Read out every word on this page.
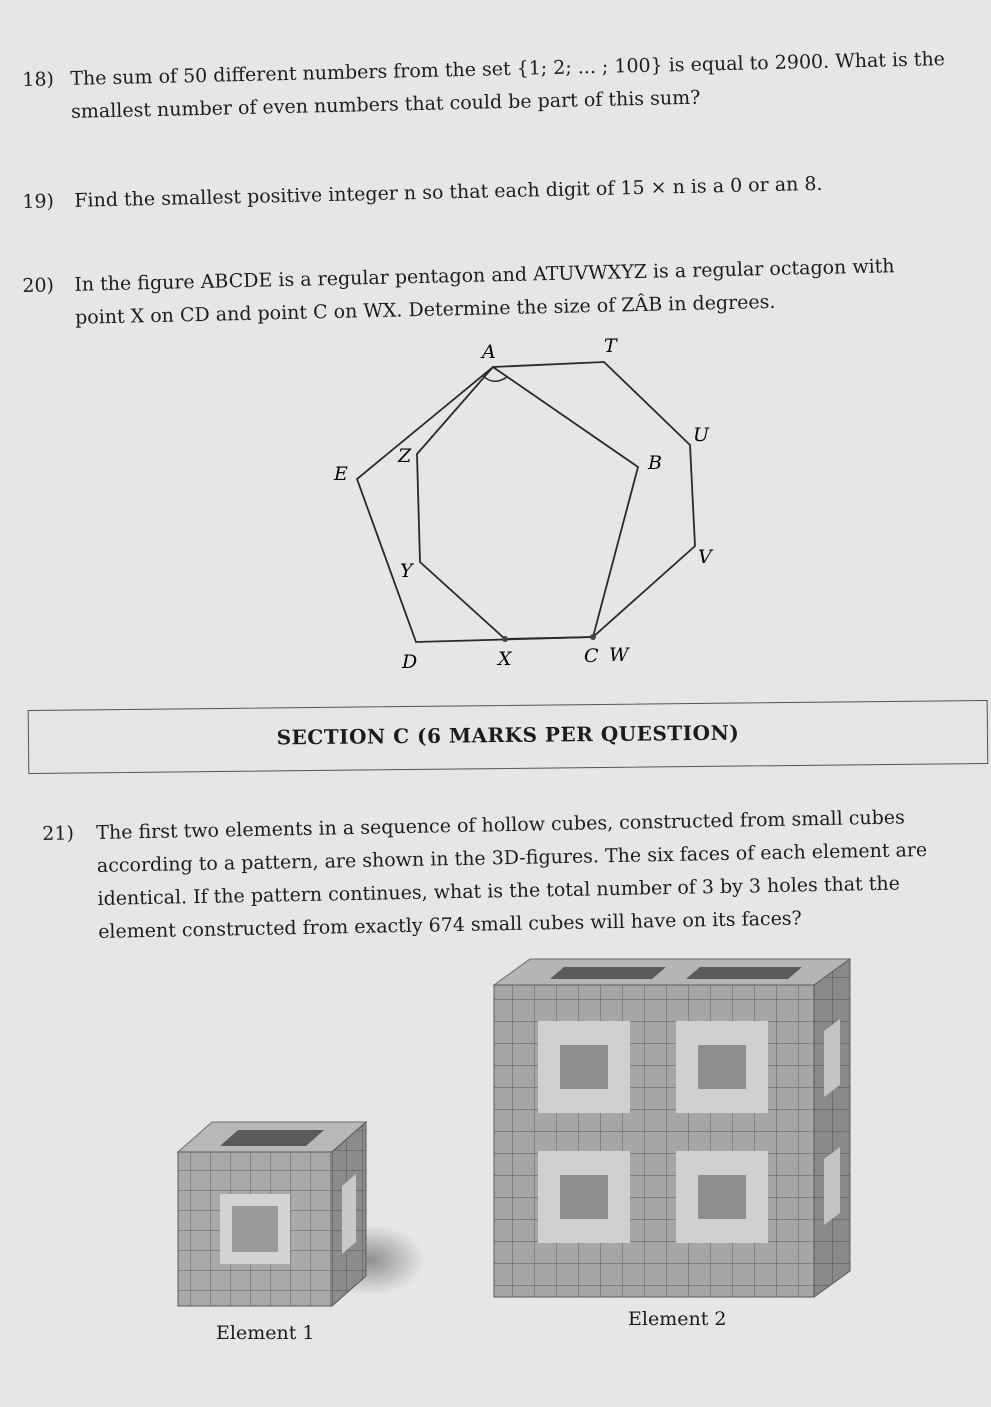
18) The sum of 50 different numbers from the set {1; 2; ... ; 100} is equal to 2900. What is the
smallest number of even numbers that could be part of this sum?
19) Find the smallest positive integer n so that each digit of 15 × n is a 0 or an 8.
20) In the figure ABCDE is a regular pentagon and ATUVWXYZ is a regular octagon with
point X on CD and point C on WX. Determine the size of ZÂB in degrees.
A	T
U
B
V
C W
X
D
Y
E
Z
SECTION C (6 MARKS PER QUESTION)
21) The first two elements in a sequence of hollow cubes, constructed from small cubes
according to a pattern, are shown in the 3D-figures. The six faces of each element are
identical. If the pattern continues, what is the total number of 3 by 3 holes that the
element constructed from exactly 674 small cubes will have on its faces?
Element 1
Element 2
